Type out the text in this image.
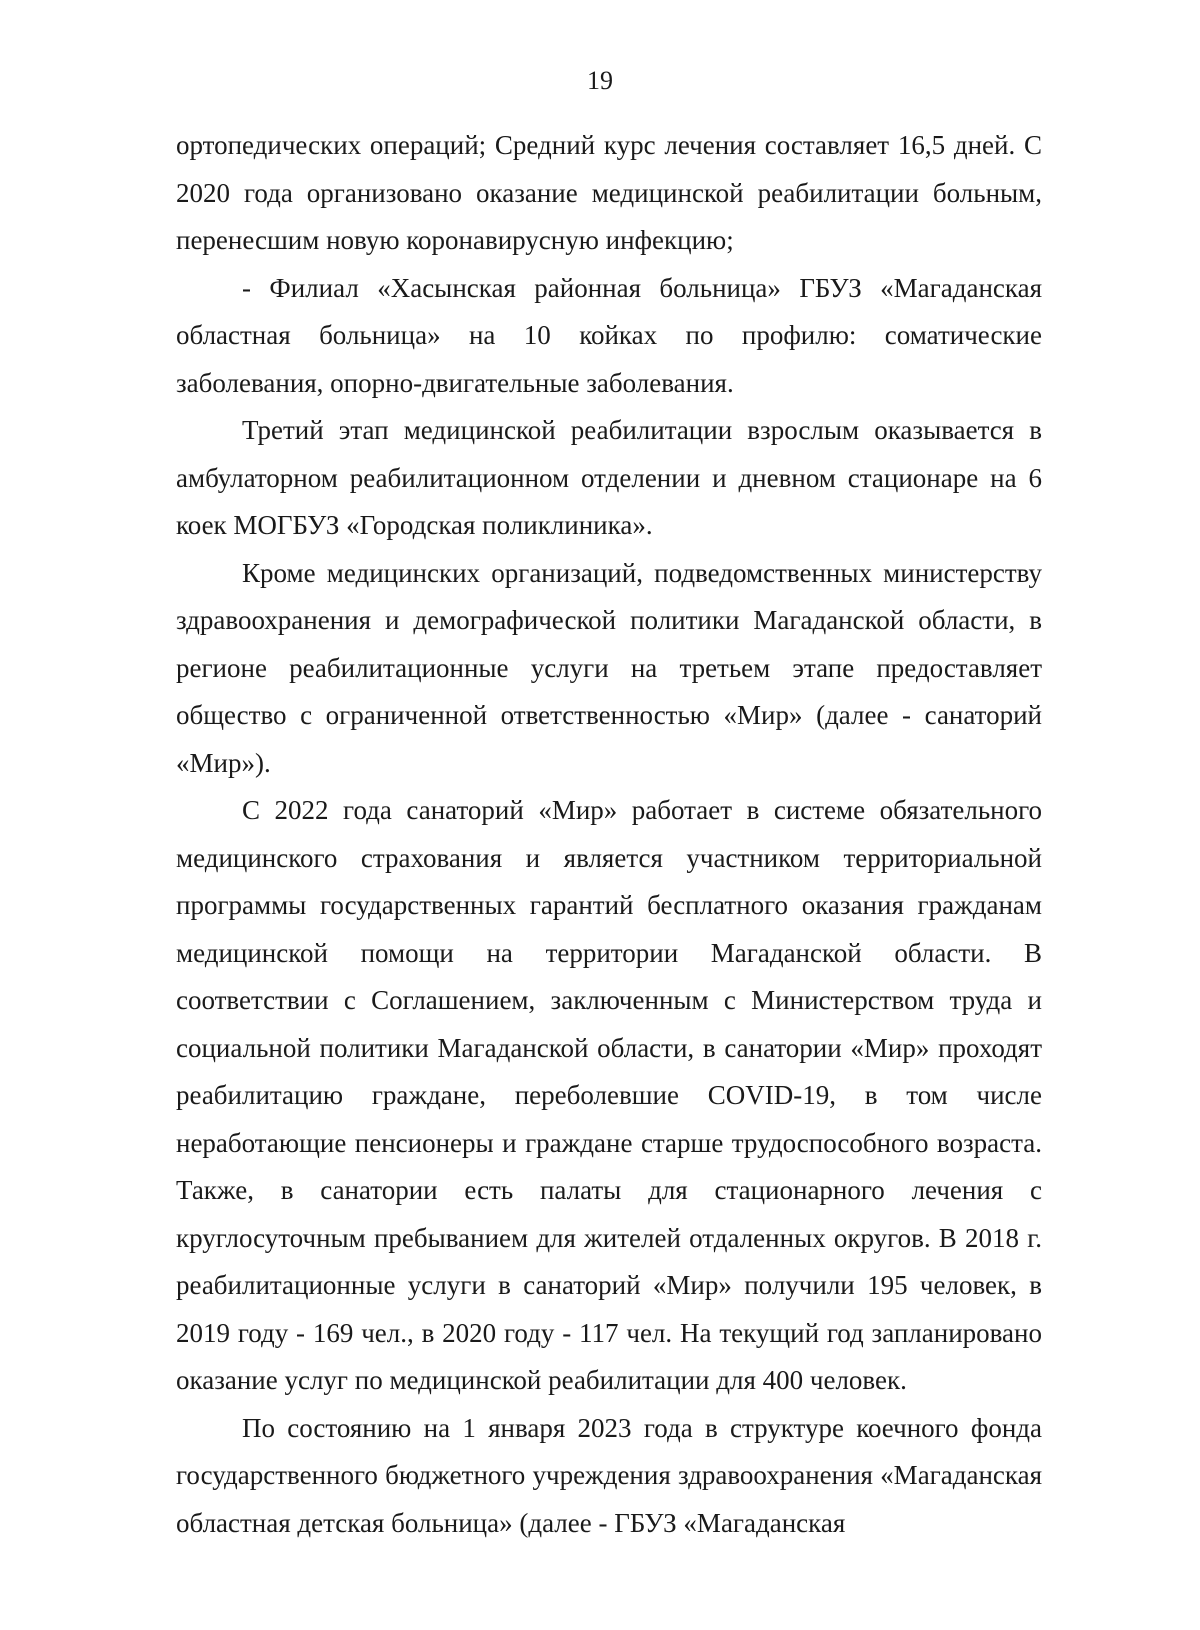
19

ортопедических операций; Средний курс лечения составляет 16,5 дней. С 2020 года организовано оказание медицинской реабилитации больным, перенесшим новую коронавирусную инфекцию;

- Филиал «Хасынская районная больница» ГБУЗ «Магаданская областная больница» на 10 койках по профилю: соматические заболевания, опорно-двигательные заболевания.

Третий этап медицинской реабилитации взрослым оказывается в амбулаторном реабилитационном отделении и дневном стационаре на 6 коек МОГБУЗ «Городская поликлиника».

Кроме медицинских организаций, подведомственных министерству здравоохранения и демографической политики Магаданской области, в регионе реабилитационные услуги на третьем этапе предоставляет общество с ограниченной ответственностью «Мир» (далее - санаторий «Мир»).

С 2022 года санаторий «Мир» работает в системе обязательного медицинского страхования и является участником территориальной программы государственных гарантий бесплатного оказания гражданам медицинской помощи на территории Магаданской области. В соответствии с Соглашением, заключенным с Министерством труда и социальной политики Магаданской области, в санатории «Мир» проходят реабилитацию граждане, переболевшие COVID-19, в том числе неработающие пенсионеры и граждане старше трудоспособного возраста. Также, в санатории есть палаты для стационарного лечения с круглосуточным пребыванием для жителей отдаленных округов. В 2018 г. реабилитационные услуги в санаторий «Мир» получили 195 человек, в 2019 году - 169 чел., в 2020 году - 117 чел. На текущий год запланировано оказание услуг по медицинской реабилитации для 400 человек.

По состоянию на 1 января 2023 года в структуре коечного фонда государственного бюджетного учреждения здравоохранения «Магаданская областная детская больница» (далее - ГБУЗ «Магаданская
